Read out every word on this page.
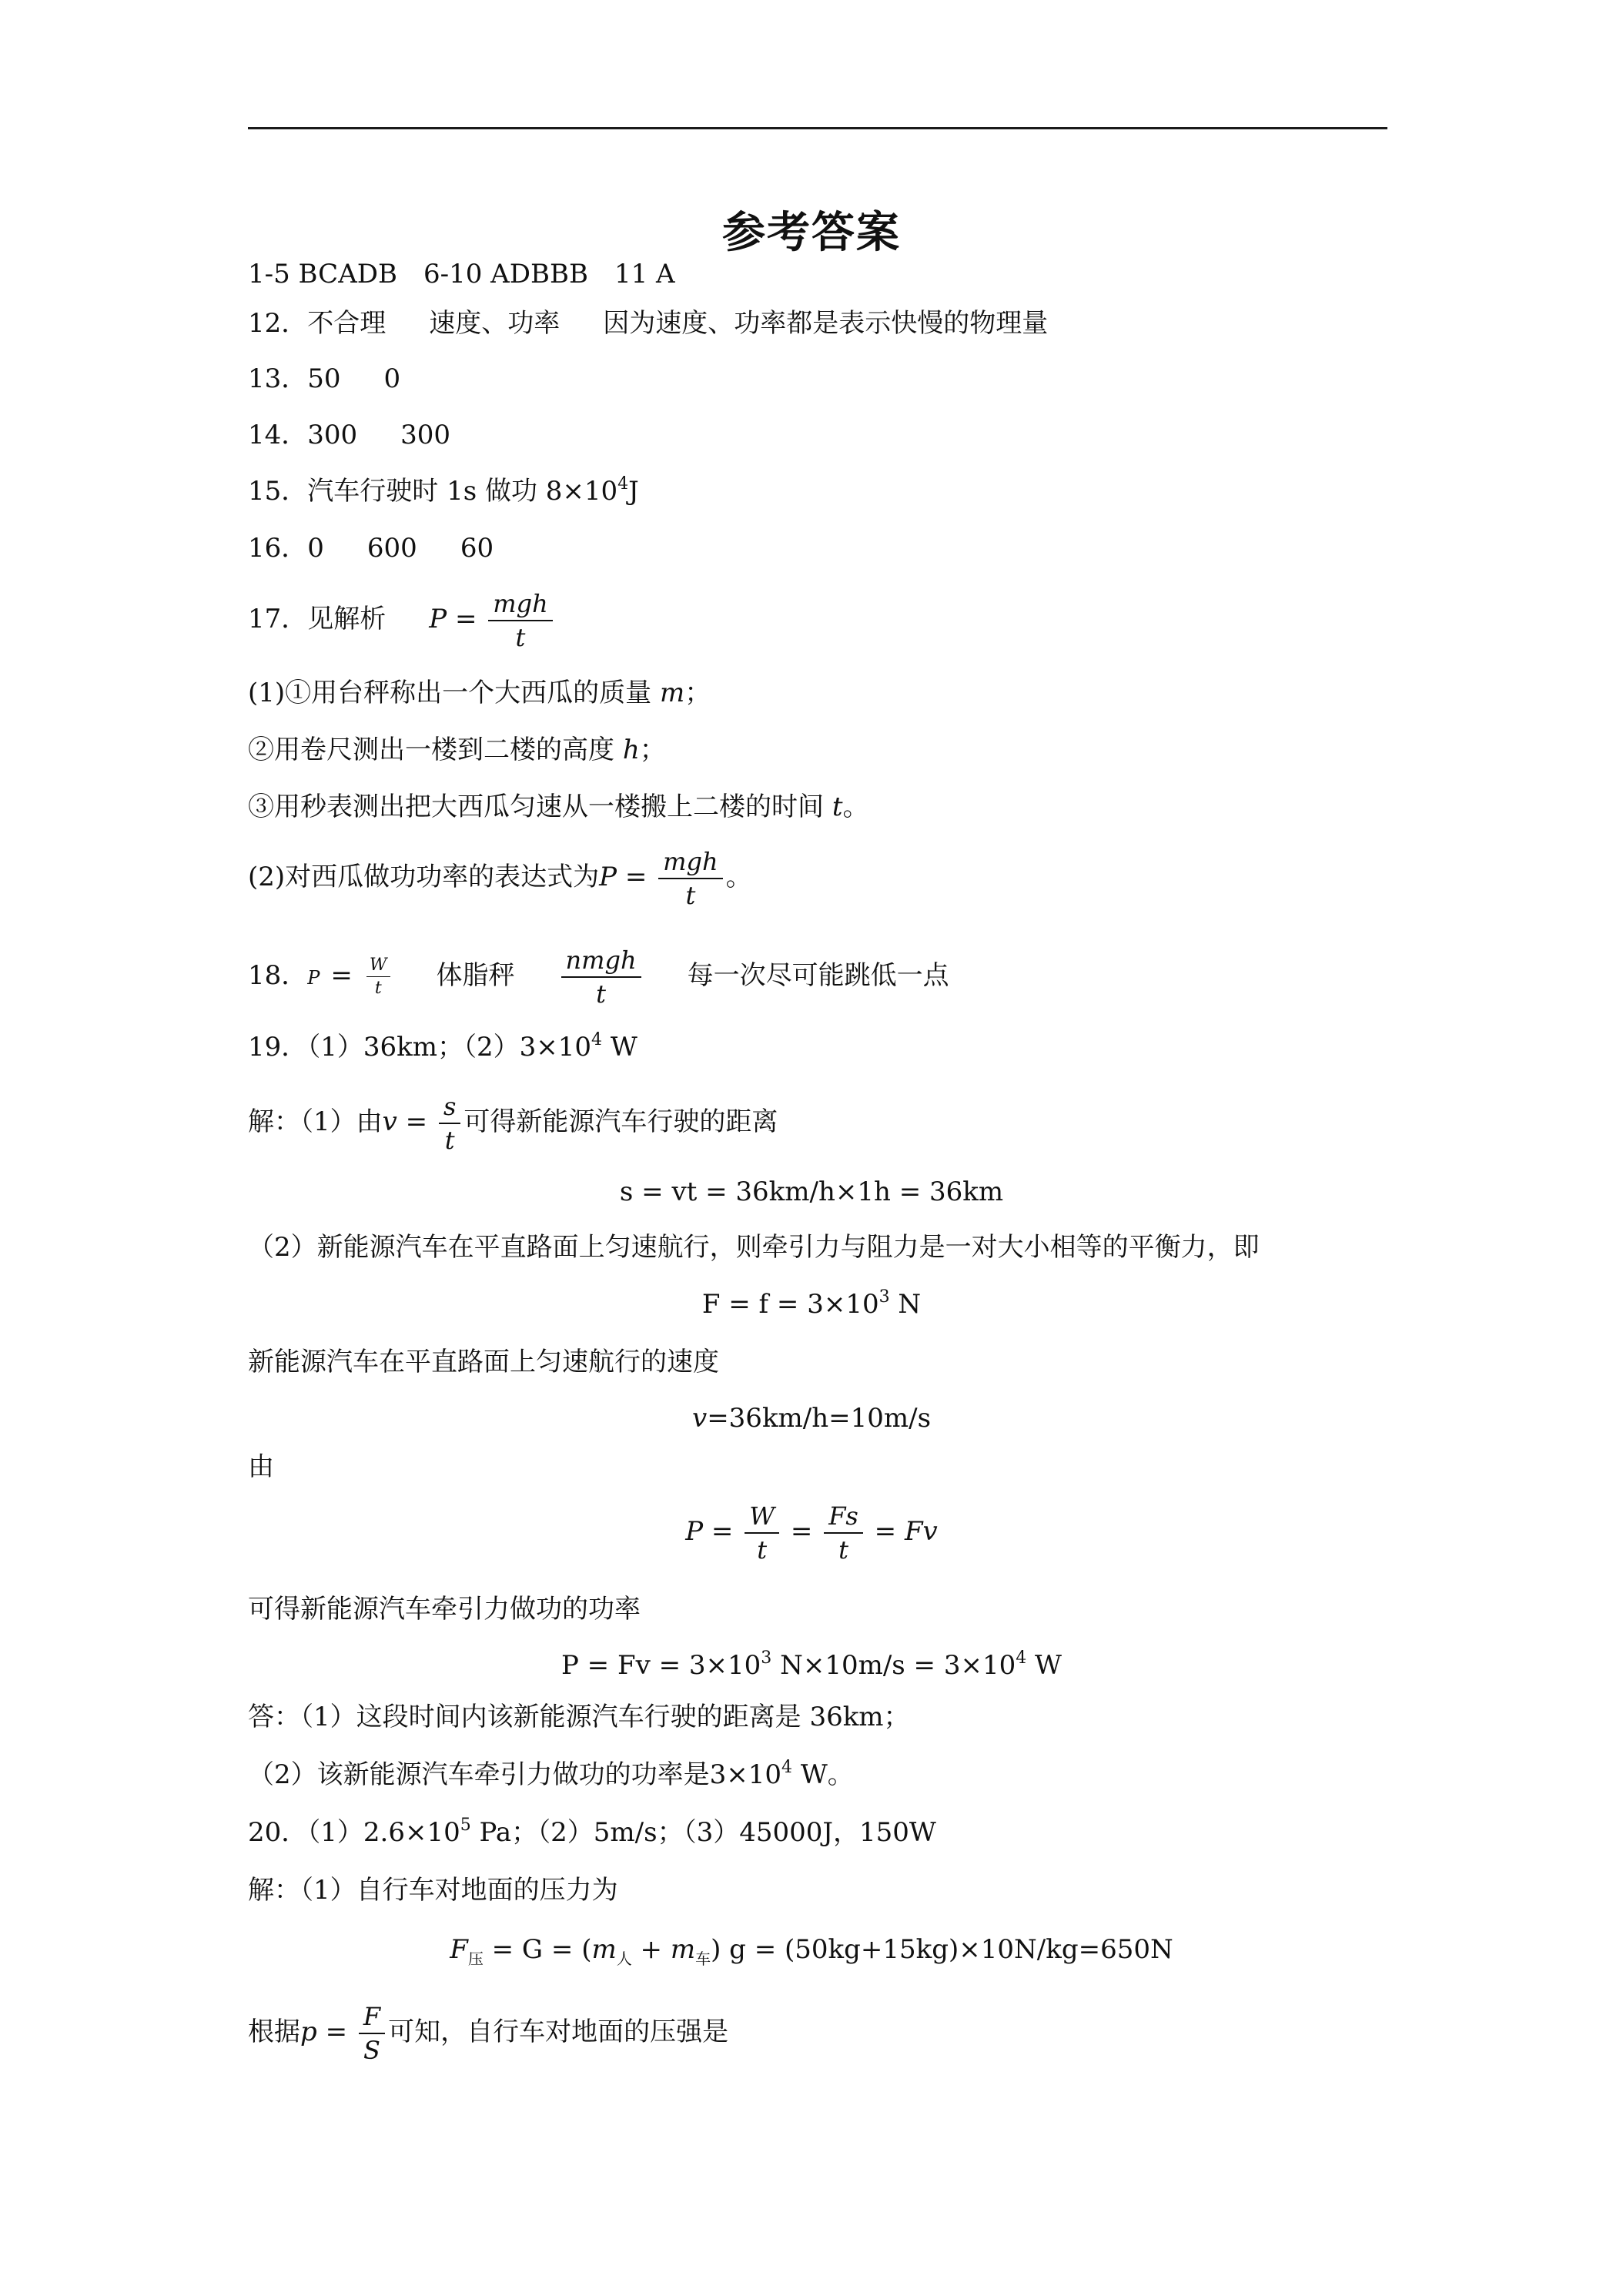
参考答案
1-5 BCADB　6-10 ADBBB　11 A
12．不合理 速度、功率 因为速度、功率都是表示快慢的物理量
13．50 0
14．300 300
15．汽车行驶时 1s 做功 $8\times 10^4J$
16．0 600 60
17．见解析 $P = \frac{\text{mgh}}{t}$
(1)①用台秤称出一个大西瓜的质量 m；
②用卷尺测出一楼到二楼的高度 h；
③用秒表测出把大西瓜匀速从一楼搬上二楼的时间 t。
(2)对西瓜做功功率的表达式为$P = \frac{\text{mgh}}{t}$ 。
18．$P = \frac{W}{t}$ 体脂秤 $\frac{\text{nmgh}}{t}$ 每一次尽可能跳低一点
19．（1）36km；$(2)3\times 10^4$ W
解：（1）由$v = \frac{s}{t}$ 可得新能源汽车行驶的距离
s = vt = 36km/h×1h = 36km
（2）新能源汽车在平直路面上匀速航行，则牵引力与阻力是一对大小相等的平衡力，即
$F = f = 3\times 10^3$ N
新能源汽车在平直路面上匀速航行的速度
v=36km/h=10m/s
由
$P = \frac{W}{t} = \frac{Fs}{t} = Fv$
可得新能源汽车牵引力做功的功率
$P = Fv = 3\times 10^3$ $N\times 10m/s = 3\times 10^4$ W
答：（1）这段时间内该新能源汽车行驶的距离是 36km；
（2）该新能源汽车牵引力做功的功率是$3\times 10^4$ W。
20．$(1)2.6\times 10^5$ Pa；（2）5m/s；（3）45000J，150W
解：（1）自行车对地面的压力为
$F_压 = G = (m_人 + m_车) g = (50kg+15kg)\times 10N/kg=650N$
根据$p = \frac{F}{S}$ 可知，自行车对地面的压强是
